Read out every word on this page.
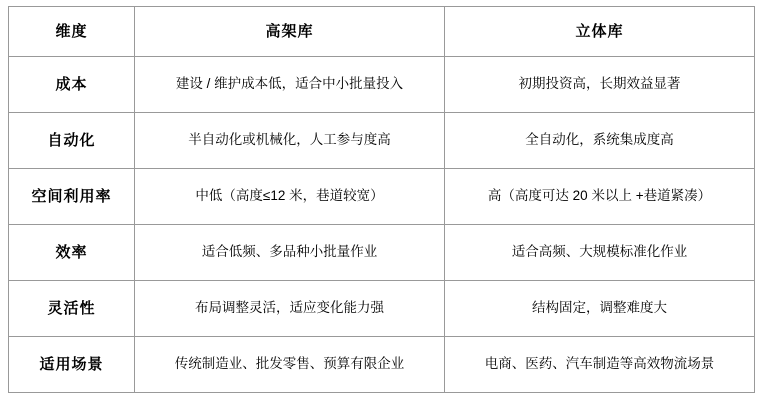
维度	高架库	立体库
成本	建设 / 维护成本低，适合中小批量投入	初期投资高，长期效益显著
自动化	半自动化或机械化，人工参与度高	全自动化，系统集成度高
空间利用率	中低（高度≤12 米，巷道较宽）	高（高度可达 20 米以上 +巷道紧凑）
效率	适合低频、多品种小批量作业	适合高频、大规模标准化作业
灵活性	布局调整灵活，适应变化能力强	结构固定，调整难度大
适用场景	传统制造业、批发零售、预算有限企业	电商、医药、汽车制造等高效物流场景
